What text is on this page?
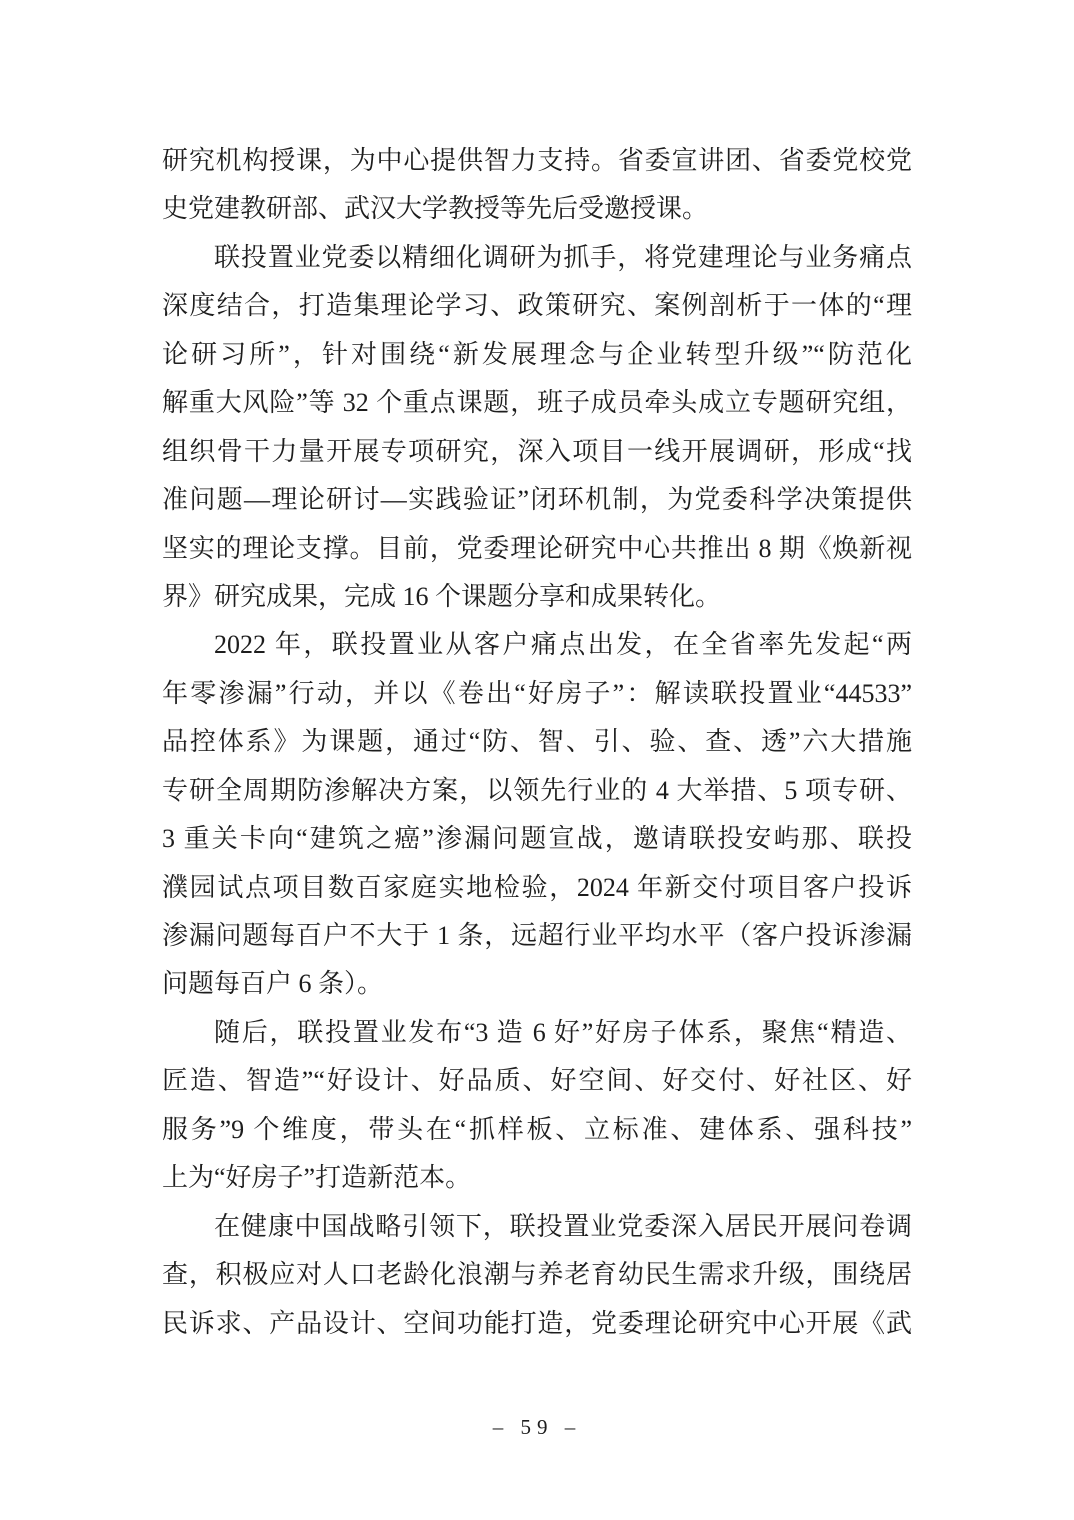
研究机构授课，为中心提供智力支持。省委宣讲团、省委党校党
史党建教研部、武汉大学教授等先后受邀授课。
联投置业党委以精细化调研为抓手，将党建理论与业务痛点
深度结合，打造集理论学习、政策研究、案例剖析于一体的“理
论研习所”，针对围绕“新发展理念与企业转型升级”“防范化
解重大风险”等 32 个重点课题，班子成员牵头成立专题研究组，
组织骨干力量开展专项研究，深入项目一线开展调研，形成“找
准问题—理论研讨—实践验证”闭环机制，为党委科学决策提供
坚实的理论支撑。目前，党委理论研究中心共推出 8 期《焕新视
界》研究成果，完成 16 个课题分享和成果转化。
2022 年，联投置业从客户痛点出发，在全省率先发起“两
年零渗漏”行动，并以《卷出“好房子”：解读联投置业“44533”
品控体系》为课题，通过“防、智、引、验、查、透”六大措施
专研全周期防渗解决方案，以领先行业的 4 大举措、5 项专研、
3 重关卡向“建筑之癌”渗漏问题宣战，邀请联投安屿那、联投
濮园试点项目数百家庭实地检验，2024 年新交付项目客户投诉
渗漏问题每百户不大于 1 条，远超行业平均水平（客户投诉渗漏
问题每百户 6 条）。
随后，联投置业发布“3 造 6 好”好房子体系，聚焦“精造、
匠造、智造”“好设计、好品质、好空间、好交付、好社区、好
服务”9 个维度，带头在“抓样板、立标准、建体系、强科技”
上为“好房子”打造新范本。
在健康中国战略引领下，联投置业党委深入居民开展问卷调
查，积极应对人口老龄化浪潮与养老育幼民生需求升级，围绕居
民诉求、产品设计、空间功能打造，党委理论研究中心开展《武
– 59 –
